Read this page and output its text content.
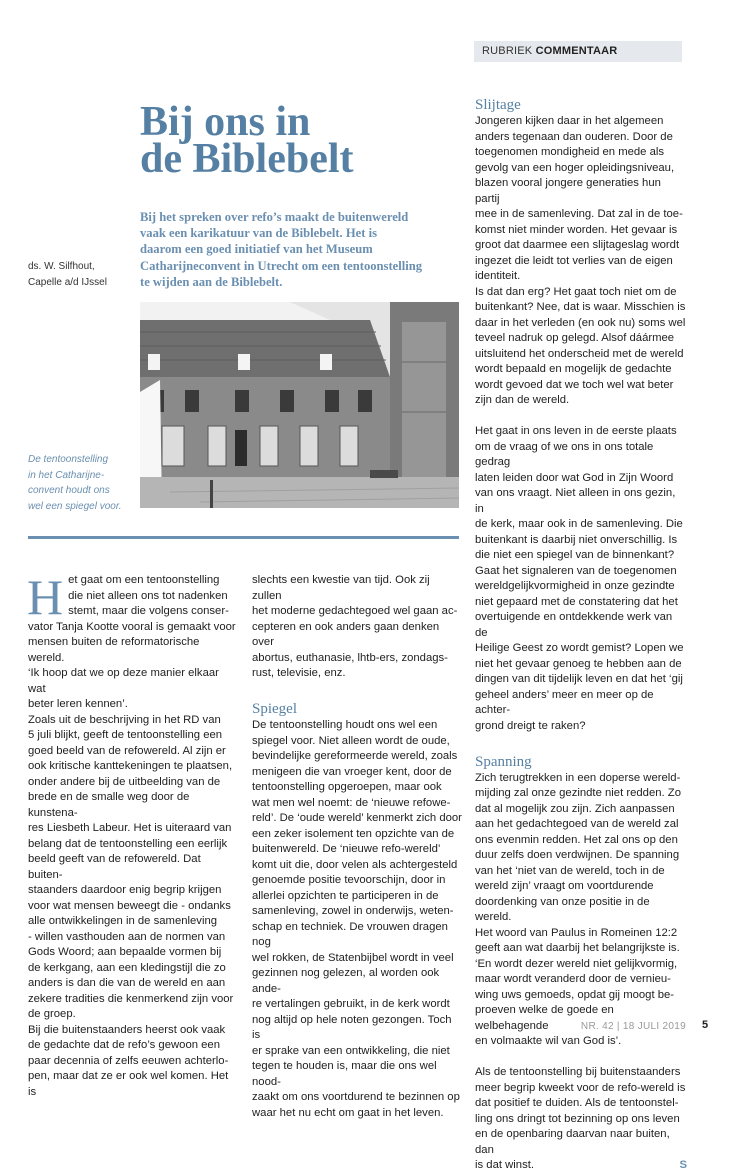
RUBRIEK COMMENTAAR
Bij ons in
de Biblebelt

Bij het spreken over refo’s maakt de buitenwereld
vaak een karikatuur van de Biblebelt. Het is
daarom een goed initiatief van het Museum
Catharijneconvent in Utrecht om een tentoonstelling
te wijden aan de Biblebelt.

ds. W. Silfhout,
Capelle a/d IJssel

De tentoonstelling
in het Catharijne-
convent houdt ons
wel een spiegel voor.

H et gaat om een tentoonstelling
die niet alleen ons tot nadenken
stemt, maar die volgens conser-
vator Tanja Kootte vooral is gemaakt voor
mensen buiten de reformatorische wereld.
‘Ik hoop dat we op deze manier elkaar wat
beter leren kennen’.

Zoals uit de beschrijving in het RD van
5 juli blijkt, geeft de tentoonstelling een
goed beeld van de refowereld. Al zijn er
ook kritische kanttekeningen te plaatsen,
onder andere bij de uitbeelding van de
brede en de smalle weg door de kunstena-
res Liesbeth Labeur. Het is uiteraard van
belang dat de tentoonstelling een eerlijk
beeld geeft van de refowereld. Dat buiten-
staanders daardoor enig begrip krijgen
voor wat mensen beweegt die - ondanks
alle ontwikkelingen in de samenleving
- willen vasthouden aan de normen van
Gods Woord; aan bepaalde vormen bij
de kerkgang, aan een kledingstijl die zo
anders is dan die van de wereld en aan
zekere tradities die kenmerkend zijn voor
de groep.

Bij die buitenstaanders heerst ook vaak
de gedachte dat de refo’s gewoon een
paar decennia of zelfs eeuwen achterlo-
pen, maar dat ze er ook wel komen. Het is

slechts een kwestie van tijd. Ook zij zullen
het moderne gedachtegoed wel gaan ac-
cepteren en ook anders gaan denken over
abortus, euthanasie, lhtb-ers, zondags-
rust, televisie, enz.

Spiegel

De tentoonstelling houdt ons wel een
spiegel voor. Niet alleen wordt de oude,
bevindelijke gereformeerde wereld, zoals
menigeen die van vroeger kent, door de
tentoonstelling opgeroepen, maar ook
wat men wel noemt: de ‘nieuwe refowe-
reld’. De ‘oude wereld’ kenmerkt zich door
een zeker isolement ten opzichte van de
buitenwereld. De ‘nieuwe refo-wereld’
komt uit die, door velen als achtergesteld
genoemde positie tevoorschijn, door in
allerlei opzichten te participeren in de
samenleving, zowel in onderwijs, weten-
schap en techniek. De vrouwen dragen nog
wel rokken, de Statenbijbel wordt in veel
gezinnen nog gelezen, al worden ook ande-
re vertalingen gebruikt, in de kerk wordt
nog altijd op hele noten gezongen. Toch is
er sprake van een ontwikkeling, die niet
tegen te houden is, maar die ons wel nood-
zaakt om ons voortdurend te bezinnen op
waar het nu echt om gaat in het leven.

Slijtage

Jongeren kijken daar in het algemeen
anders tegenaan dan ouderen. Door de
toegenomen mondigheid en mede als
gevolg van een hoger opleidingsniveau,
blazen vooral jongere generaties hun partij
mee in de samenleving. Dat zal in de toe-
komst niet minder worden. Het gevaar is
groot dat daarmee een slijtageslag wordt
ingezet die leidt tot verlies van de eigen
identiteit.

Is dat dan erg? Het gaat toch niet om de
buitenkant? Nee, dat is waar. Misschien is
daar in het verleden (en ook nu) soms wel
teveel nadruk op gelegd. Alsof dáármee
uitsluitend het onderscheid met de wereld
wordt bepaald en mogelijk de gedachte
wordt gevoed dat we toch wel wat beter
zijn dan de wereld.

Het gaat in ons leven in de eerste plaats
om de vraag of we ons in ons totale gedrag
laten leiden door wat God in Zijn Woord
van ons vraagt. Niet alleen in ons gezin, in
de kerk, maar ook in de samenleving. Die
buitenkant is daarbij niet onverschillig. Is
die niet een spiegel van de binnenkant?
Gaat het signaleren van de toegenomen
wereldgelijkvormigheid in onze gezindte
niet gepaard met de constatering dat het
overtuigende en ontdekkende werk van de
Heilige Geest zo wordt gemist? Lopen we
niet het gevaar genoeg te hebben aan de
dingen van dit tijdelijk leven en dat het ‘gij
geheel anders’ meer en meer op de achter-
grond dreigt te raken?

Spanning

Zich terugtrekken in een doperse wereld-
mijding zal onze gezindte niet redden. Zo
dat al mogelijk zou zijn. Zich aanpassen
aan het gedachtegoed van de wereld zal
ons evenmin redden. Het zal ons op den
duur zelfs doen verdwijnen. De spanning
van het ‘niet van de wereld, toch in de
wereld zijn’ vraagt om voortdurende
doordenking van onze positie in de wereld.
Het woord van Paulus in Romeinen 12:2
geeft aan wat daarbij het belangrijkste is.
‘En wordt dezer wereld niet gelijkvormig,
maar wordt veranderd door de vernieu-
wing uws gemoeds, opdat gij moogt be-
proeven welke de goede en welbehagende
en volmaakte wil van God is’.

Als de tentoonstelling bij buitenstaanders
meer begrip kweekt voor de refo-wereld is
dat positief te duiden. Als de tentoonstel-
ling ons dringt tot bezinning op ons leven
en de openbaring daarvan naar buiten, dan
is dat winst.	S

NR. 42 | 18 JULI 2019 5
